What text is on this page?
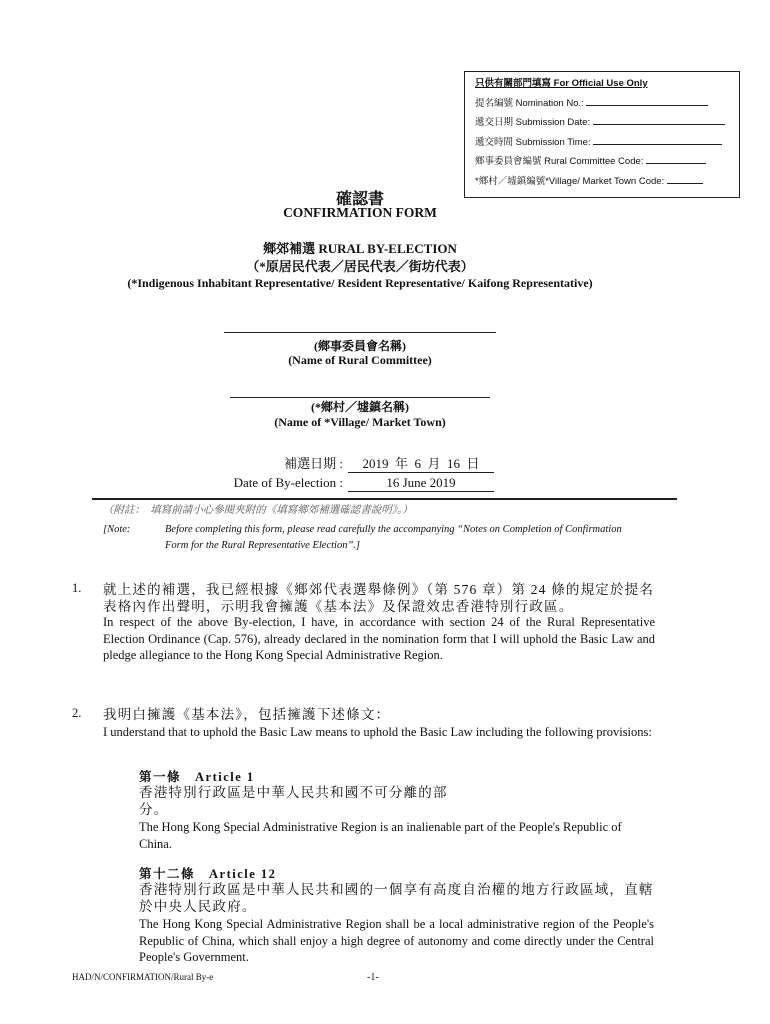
只供有關部門填寫 For Official Use Only
提名編號 Nomination No.:
遞交日期 Submission Date:
遞交時間 Submission Time:
鄉事委員會編號 Rural Committee Code:
*鄉村／墟鎮編號*Village/ Market Town Code:
確認書
CONFIRMATION FORM
鄉郊補選 RURAL BY-ELECTION
（*原居民代表／居民代表／街坊代表）
(*Indigenous Inhabitant Representative/ Resident Representative/ Kaifong Representative)
(鄉事委員會名稱)
(Name of Rural Committee)
(*鄉村／墟鎮名稱)
(Name of *Village/ Market Town)
補選日期 :	2019  年  6  月  16  日
Date of By-election :	16 June 2019
（附註：　填寫前請小心參閱夾附的《填寫鄉郊補選確認書說明》。）
[Note:	Before completing this form, please read carefully the accompanying “Notes on Completion of Confirmation Form for the Rural Representative Election”.]
1. 就上述的補選，我已經根據《鄉郊代表選舉條例》（第 576 章）第 24 條的規定於提名表格內作出聲明，示明我會擁護《基本法》及保證效忠香港特別行政區。
In respect of the above By-election, I have, in accordance with section 24 of the Rural Representative Election Ordinance (Cap. 576), already declared in the nomination form that I will uphold the Basic Law and pledge allegiance to the Hong Kong Special Administrative Region.
2. 我明白擁護《基本法》，包括擁護下述條文：
I understand that to uphold the Basic Law means to uphold the Basic Law including the following provisions:
第一條　Article 1
香港特別行政區是中華人民共和國不可分離的部分。
The Hong Kong Special Administrative Region is an inalienable part of the People's Republic of China.
第十二條　Article 12
香港特別行政區是中華人民共和國的一個享有高度自治權的地方行政區域，直轄於中央人民政府。
The Hong Kong Special Administrative Region shall be a local administrative region of the People's Republic of China, which shall enjoy a high degree of autonomy and come directly under the Central People's Government.
HAD/N/CONFIRMATION/Rural By-e	-1-
